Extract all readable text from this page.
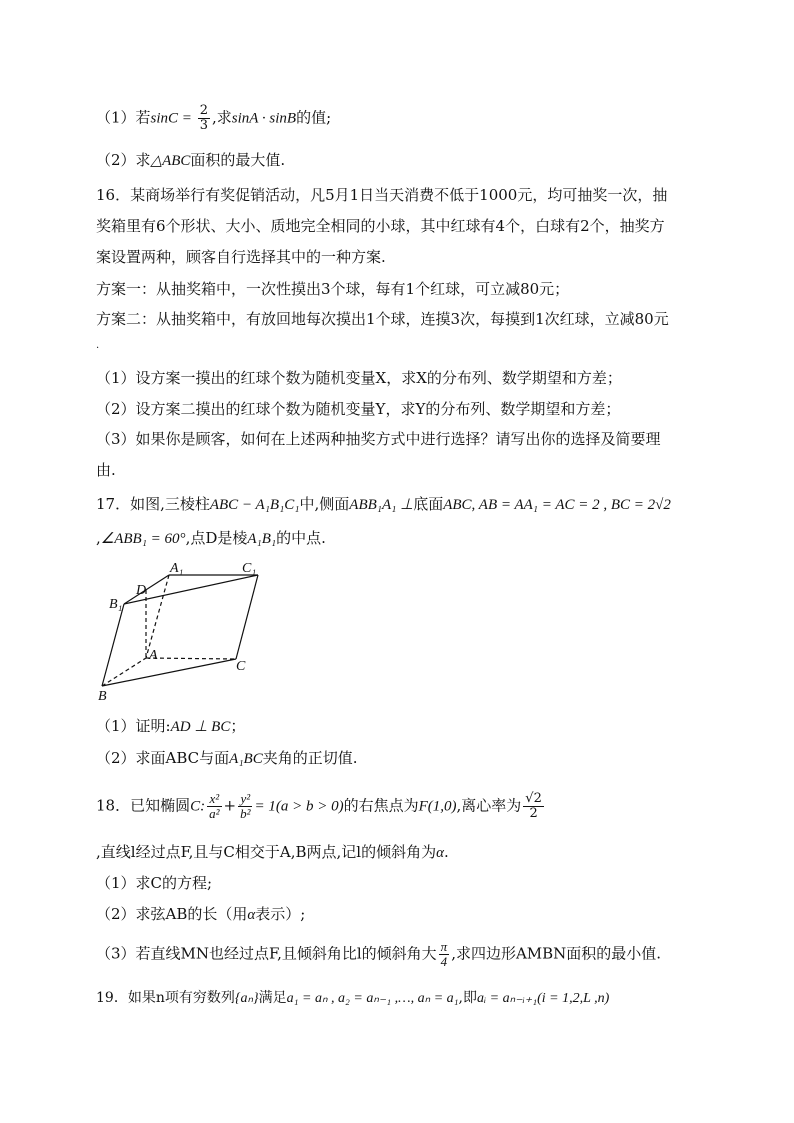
（1）若$\sin C = \frac{2}{3}$ ,求sinA · sinB的值;
（2）求△ABC面积的最大值.
16．某商场举行有奖促销活动，凡5月1日当天消费不低于1000元，均可抽奖一次，抽
奖箱里有6个形状、大小、质地完全相同的小球，其中红球有4个，白球有2个，抽奖方
案设置两种，顾客自行选择其中的一种方案.
方案一：从抽奖箱中，一次性摸出3个球，每有1个红球，可立减80元；
方案二：从抽奖箱中，有放回地每次摸出1个球，连摸3次，每摸到1次红球，立减80元
.
（1）设方案一摸出的红球个数为随机变量X，求X的分布列、数学期望和方差；
（2）设方案二摸出的红球个数为随机变量Y，求Y的分布列、数学期望和方差；
（3）如果你是顾客，如何在上述两种抽奖方式中进行选择？请写出你的选择及简要理
由.
17．如图,三棱柱ABC − A₁B₁C₁中,侧面ABB₁A₁ ⊥底面ABC, AB = AA₁ = AC = 2 , BC = 2√2
,∠ABB₁ = 60°,点D是棱A₁B₁的中点.
A₁	C₁
D
B₁
A
C
B
（1）证明:AD ⊥ BC；
（2）求面ABC与面A₁BC夹角的正切值.
18．已知椭圆C: $\frac{\text{x²}}{\text{a²}} + \frac{\text{y²}}{\text{b²}} = 1(a > b > 0)$的右焦点为F(1,0),离心率为 $\frac{√2}{2}$
,直线l经过点F,且与C相交于A,B两点,记l的倾斜角为α.
（1）求C的方程;
（2）求弦AB的长（用α表示）;
（3）若直线MN也经过点F,且倾斜角比l的倾斜角大 $\frac{\pi}{4}$ ,求四边形AMBN面积的最小值.
19．如果n项有穷数列{aₙ}满足a₁ = aₙ , a₂ = aₙ₋₁ ,…, aₙ = a₁,即aᵢ = aₙ₋ᵢ₊₁(i = 1,2,L ,n)
